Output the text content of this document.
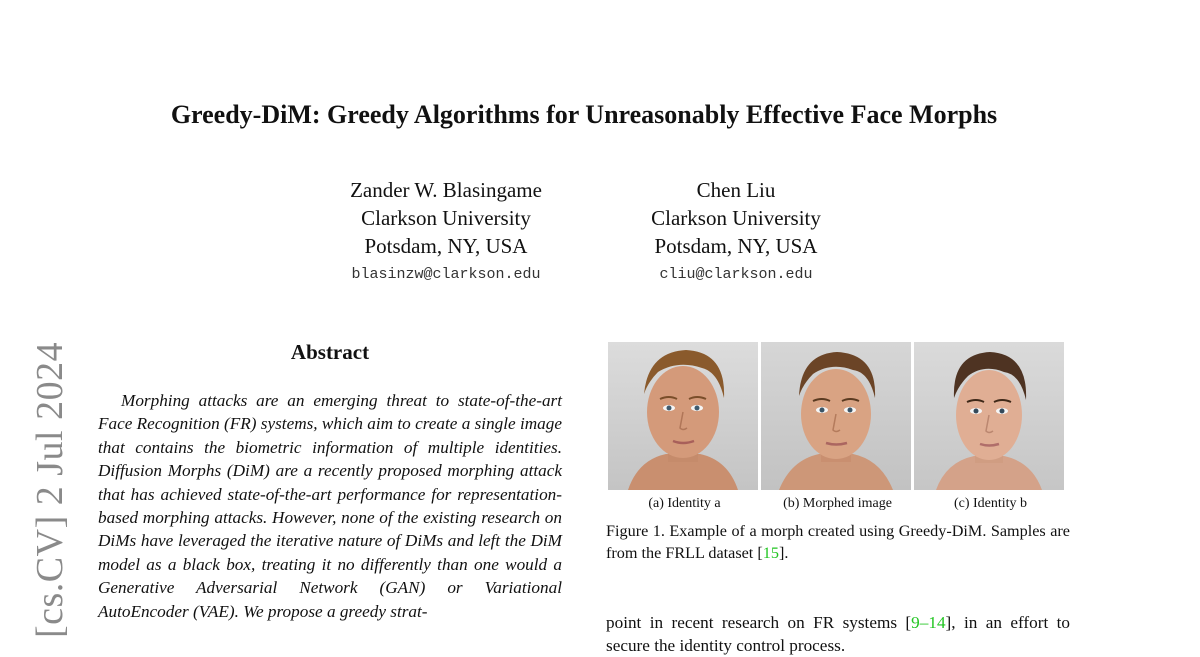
[cs.CV] 2 Jul 2024
Greedy-DiM: Greedy Algorithms for Unreasonably Effective Face Morphs
Zander W. Blasingame
Clarkson University
Potsdam, NY, USA
blasinzw@clarkson.edu
Chen Liu
Clarkson University
Potsdam, NY, USA
cliu@clarkson.edu
Abstract
Morphing attacks are an emerging threat to state-of-the-art Face Recognition (FR) systems, which aim to create a single image that contains the biometric information of multiple identities. Diffusion Morphs (DiM) are a recently proposed morphing attack that has achieved state-of-the-art performance for representation-based morphing attacks. However, none of the existing research on DiMs have leveraged the iterative nature of DiMs and left the DiM model as a black box, treating it no differently than one would a Generative Adversarial Network (GAN) or Variational AutoEncoder (VAE). We propose a greedy strat-
(a) Identity a	(b) Morphed image	(c) Identity b
Figure 1. Example of a morph created using Greedy-DiM. Samples are from the FRLL dataset [15].
point in recent research on FR systems [9–14], in an effort to secure the identity control process.
